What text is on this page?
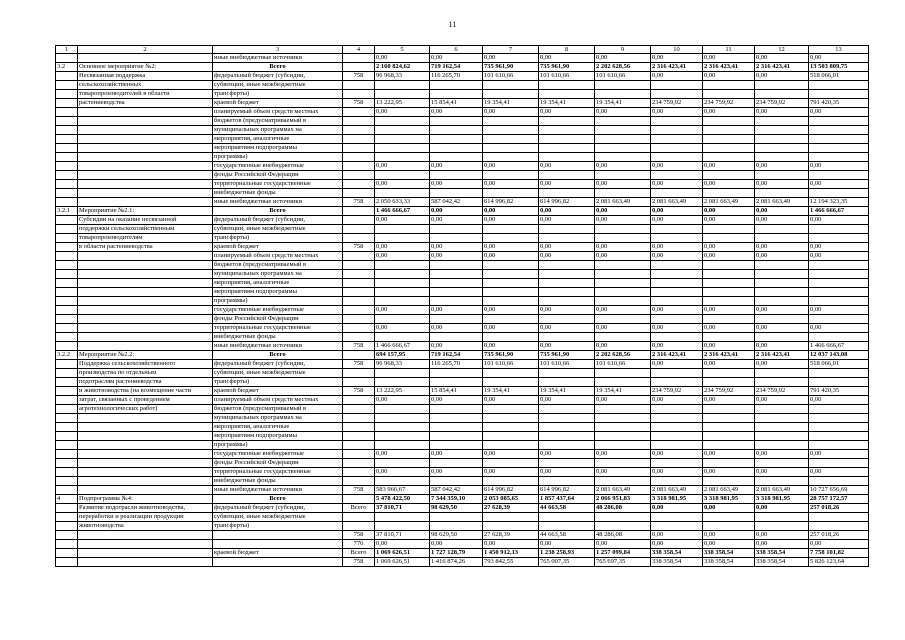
11
1	2	3	4	5	6	7	8	9	10	11	12	13
		иные внебюджетные источники		0,00	0,00	0,00	0,00	0,00	0,00	0,00	0,00	0,00
3.2	Основное мероприятие №2:	Всего		2 160 824,62	719 162,54	735 961,90	735 961,90	2 202 628,56	2 316 423,41	2 316 423,41	2 316 423,41	13 503 809,75
	Несвязанная поддержка	федеральный бюджет (субсидии,	758	96 968,33	116 265,70	101 610,66	101 610,66	101 610,66	0,00	0,00	0,00	518 066,01
	сельскохозяйственных	субвенции, иные межбюджетные										
	товаропроизводителей в области	трансферты)										
	растениеводства	краевой бюджет	758	13 222,95	15 854,41	19 354,41	19 354,41	19 354,41	234 759,92	234 759,92	234 759,92	791 420,35
		планируемый объем средств местных		0,00	0,00	0,00	0,00	0,00	0,00	0,00	0,00	0,00
		бюджетов (предусматриваемый в										
		муниципальных программах на										
		мероприятия, аналогичные										
		мероприятиям подпрограммы										
		программы)										
		государственные внебюджетные		0,00	0,00	0,00	0,00	0,00	0,00	0,00	0,00	0,00
		фонды Российской Федерации										
		территориальные государственные		0,00	0,00	0,00	0,00	0,00	0,00	0,00	0,00	0,00
		внебюджетные фонды										
		иные внебюджетные источники	758	2 050 633,33	587 042,42	614 996,82	614 996,82	2 081 663,49	2 081 663,49	2 081 663,49	2 081 663,49	12 194 323,35
3.2.1	Мероприятие №2.1:	Всего		1 466 666,67	0,00	0,00	0,00	0,00	0,00	0,00	0,00	1 466 666,67
	Субсидии на оказание несвязанной	федеральный бюджет (субсидии,		0,00	0,00	0,00	0,00	0,00	0,00	0,00	0,00	0,00
	поддержки сельскохозяйственным	субвенции, иные межбюджетные										
	товаропроизводителям	трансферты)										
	в области растениеводства	краевой бюджет	758	0,00	0,00	0,00	0,00	0,00	0,00	0,00	0,00	0,00
		планируемый объем средств местных		0,00	0,00	0,00	0,00	0,00	0,00	0,00	0,00	0,00
		бюджетов (предусматриваемый в										
		муниципальных программах на										
		мероприятия, аналогичные										
		мероприятиям подпрограммы										
		программы)										
		государственные внебюджетные		0,00	0,00	0,00	0,00	0,00	0,00	0,00	0,00	0,00
		фонды Российской Федерации										
		территориальные государственные		0,00	0,00	0,00	0,00	0,00	0,00	0,00	0,00	0,00
		внебюджетные фонды										
		иные внебюджетные источники	758	1 466 666,67	0,00	0,00	0,00	0,00	0,00	0,00	0,00	1 466 666,67
3.2.2	Мероприятие №2.2:	Всего		694 157,95	719 162,54	735 961,90	735 961,90	2 202 628,56	2 316 423,41	2 316 423,41	2 316 423,41	12 037 143,08
	Поддержка сельскохозяйственного	федеральный бюджет (субсидии,	758	96 968,33	116 265,70	101 610,66	101 610,66	101 610,66	0,00	0,00	0,00	518 066,01
	производства по отдельным	субвенции, иные межбюджетные										
	подотраслям растениеводства	трансферты)										
	и животноводства (на возмещение части	краевой бюджет	758	13 222,95	15 854,41	19 354,41	19 354,41	19 354,41	234 759,92	234 759,92	234 759,92	791 420,35
	затрат, связанных с проведением	планируемый объем средств местных		0,00	0,00	0,00	0,00	0,00	0,00	0,00	0,00	0,00
	агротехнологических работ)	бюджетов (предусматриваемый в										
		муниципальных программах на										
		мероприятия, аналогичные										
		мероприятиям подпрограммы										
		программы)										
		государственные внебюджетные		0,00	0,00	0,00	0,00	0,00	0,00	0,00	0,00	0,00
		фонды Российской Федерации										
		территориальные государственные		0,00	0,00	0,00	0,00	0,00	0,00	0,00	0,00	0,00
		внебюджетные фонды										
		иные внебюджетные источники	758	583 966,67	587 042,42	614 996,82	614 996,82	2 081 663,49	2 081 663,49	2 081 663,49	2 081 663,49	10 727 656,69
4	Подпрограмма №4:	Всего		5 478 422,50	7 344 359,10	2 053 085,65	1 857 437,64	2 066 951,83	3 318 981,95	3 318 981,95	3 318 981,95	28 757 172,57
	Развитие подотрасли животноводства,	федеральный бюджет (субсидии,	Всего	37 810,71	98 629,50	27 628,39	44 663,58	48 286,08	0,00	0,00	0,00	257 018,26
	переработки и реализации продукции	субвенции, иные межбюджетные										
	животноводства	трансферты)										
			758	37 810,71	98 629,50	27 628,39	44 663,58	48 286,08	0,00	0,00	0,00	257 018,26
			776	0,00	0,00	0,00	0,00	0,00	0,00	0,00	0,00	0,00
		краевой бюджет	Всего	1 069 626,51	1 727 128,79	1 450 912,13	1 238 258,93	1 257 099,84	338 358,54	338 358,54	338 358,54	7 758 101,82
			758	1 069 626,51	1 416 874,26	793 842,55	765 007,35	765 697,35	338 358,54	338 358,54	338 358,54	5 826 123,64
